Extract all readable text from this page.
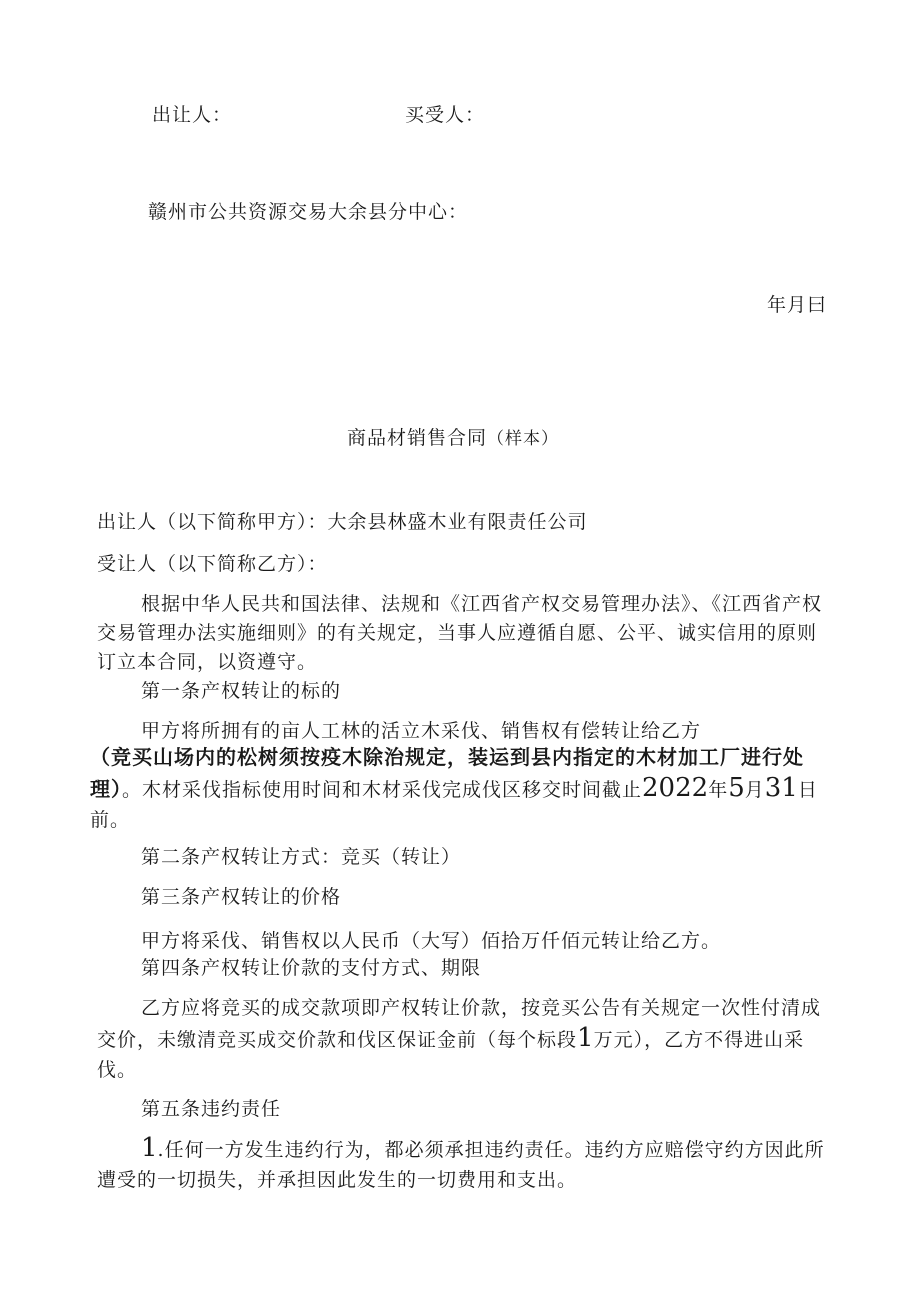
出让人：	买受人：
赣州市公共资源交易大余县分中心：
年月曰
商品材销售合同（样本）
出让人（以下简称甲方）：大余县林盛木业有限责任公司
受让人（以下简称乙方）：
根据中华人民共和国法律、法规和《江西省产权交易管理办法》、《江西省产权交易管理办法实施细则》的有关规定，当事人应遵循自愿、公平、诚实信用的原则订立本合同，以资遵守。
第一条产权转让的标的
甲方将所拥有的亩人工林的活立木采伐、销售权有偿转让给乙方
（竞买山场内的松树须按疫木除治规定，装运到县内指定的木材加工厂进行处理）。木材采伐指标使用时间和木材采伐完成伐区移交时间截止2022年5月31日前。
第二条产权转让方式：竞买（转让）
第三条产权转让的价格
甲方将采伐、销售权以人民币（大写）佰拾万仟佰元转让给乙方。
第四条产权转让价款的支付方式、期限
乙方应将竞买的成交款项即产权转让价款，按竞买公告有关规定一次性付清成交价，未缴清竞买成交价款和伐区保证金前（每个标段1万元），乙方不得进山采伐。
第五条违约责任
1.任何一方发生违约行为，都必须承担违约责任。违约方应赔偿守约方因此所遭受的一切损失，并承担因此发生的一切费用和支出。
